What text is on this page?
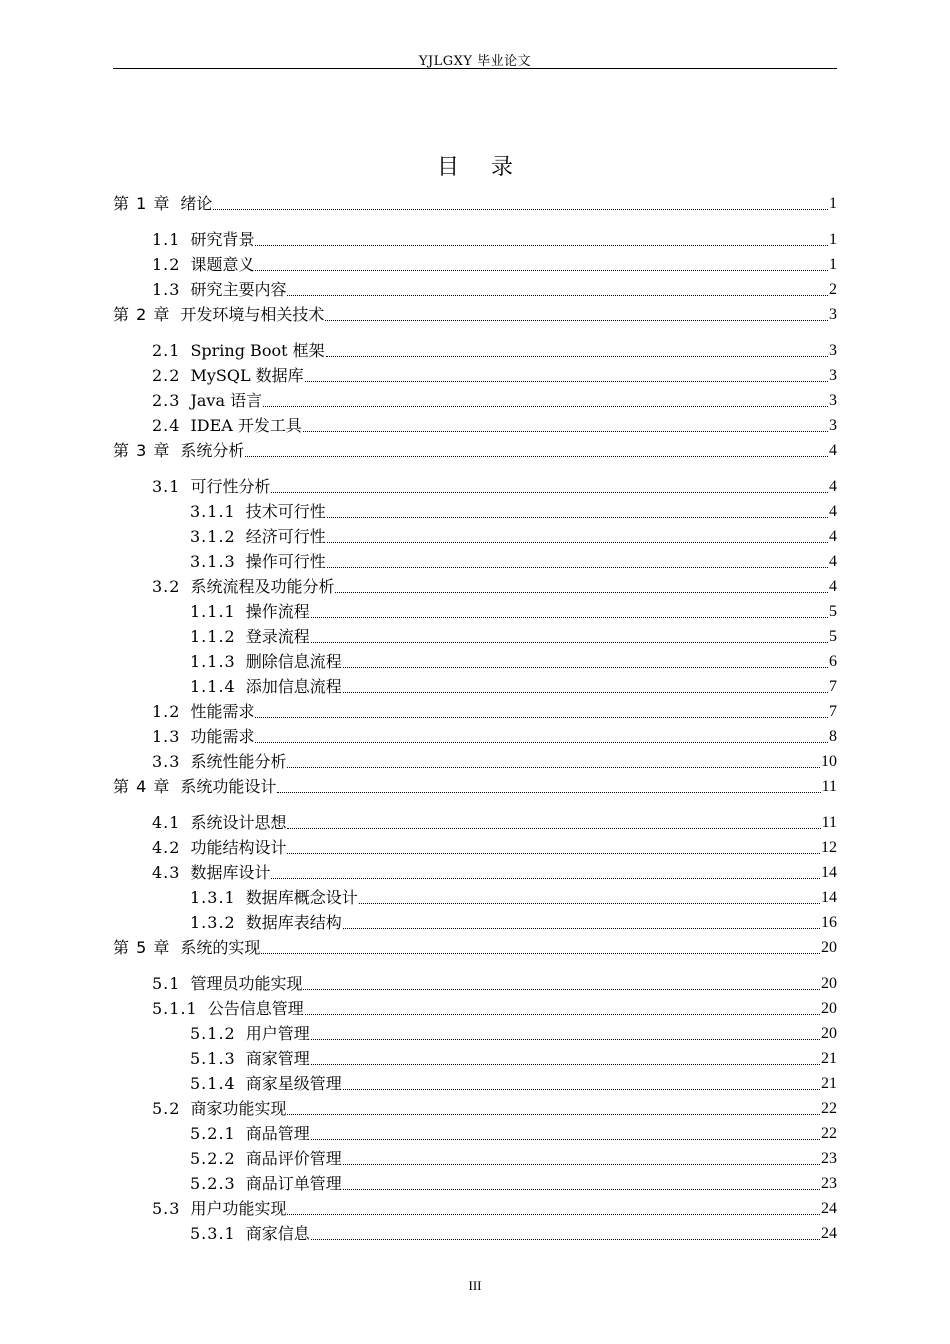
YJLGXY 毕业论文
目录
第 1 章 绪论	1
1.1 研究背景	1
1.2 课题意义	1
1.3 研究主要内容	2
第 2 章 开发环境与相关技术	3
2.1 Spring Boot 框架	3
2.2 MySQL 数据库	3
2.3 Java 语言	3
2.4 IDEA 开发工具	3
第 3 章 系统分析	4
3.1 可行性分析	4
3.1.1 技术可行性	4
3.1.2 经济可行性	4
3.1.3 操作可行性	4
3.2 系统流程及功能分析	4
1.1.1 操作流程	5
1.1.2 登录流程	5
1.1.3 删除信息流程	6
1.1.4 添加信息流程	7
1.2 性能需求	7
1.3 功能需求	8
3.3 系统性能分析	10
第 4 章 系统功能设计	11
4.1 系统设计思想	11
4.2 功能结构设计	12
4.3 数据库设计	14
1.3.1 数据库概念设计	14
1.3.2 数据库表结构	16
第 5 章 系统的实现	20
5.1 管理员功能实现	20
5.1.1 公告信息管理	20
5.1.2 用户管理	20
5.1.3 商家管理	21
5.1.4 商家星级管理	21
5.2 商家功能实现	22
5.2.1 商品管理	22
5.2.2 商品评价管理	23
5.2.3 商品订单管理	23
5.3 用户功能实现	24
5.3.1 商家信息	24
III
